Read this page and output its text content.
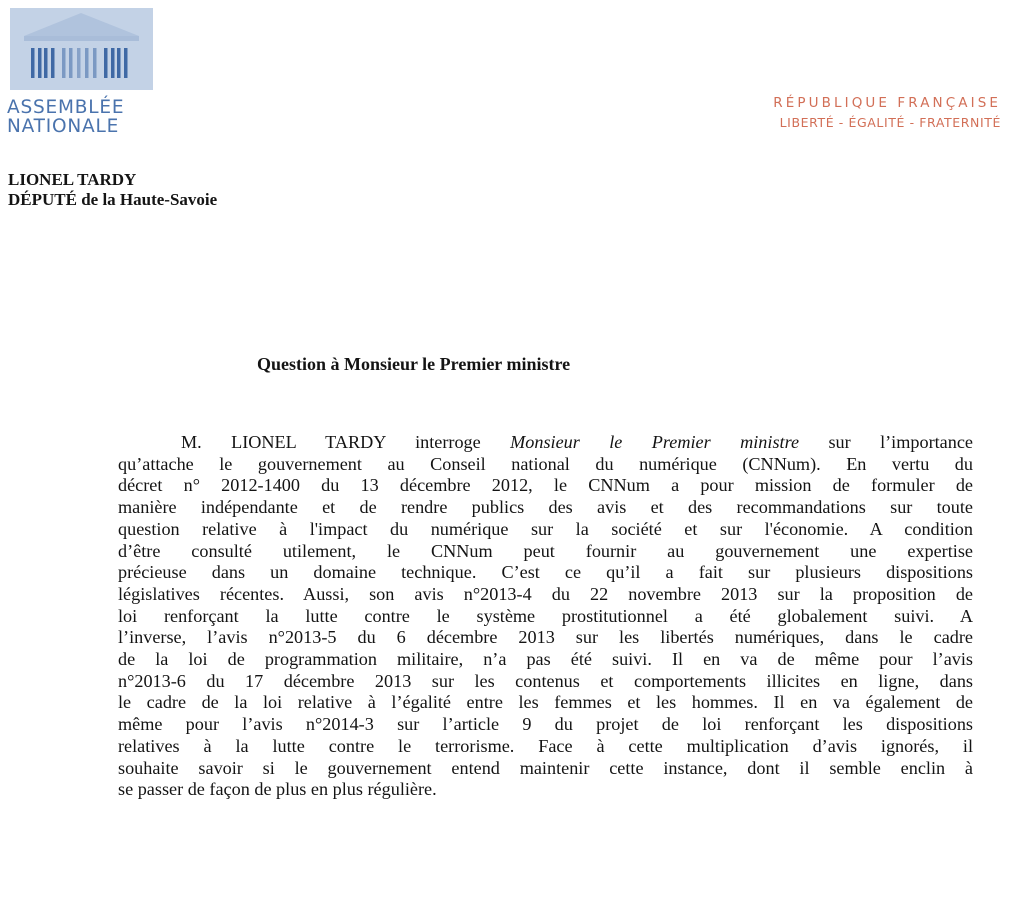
ASSEMBLÉE
NATIONALE
RÉPUBLIQUE FRANÇAISE
LIBERTÉ - ÉGALITÉ - FRATERNITÉ
LIONEL TARDY
DÉPUTÉ de la Haute-Savoie
Question à Monsieur le Premier ministre
M. LIONEL TARDY interroge Monsieur le Premier ministre sur l’importance
qu’attache le gouvernement au Conseil national du numérique (CNNum). En vertu du
décret n° 2012-1400 du 13 décembre 2012, le CNNum a pour mission de formuler de
manière indépendante et de rendre publics des avis et des recommandations sur toute
question relative à l'impact du numérique sur la société et sur l'économie. A condition
d’être consulté utilement, le CNNum peut fournir au gouvernement une expertise
précieuse dans un domaine technique. C’est ce qu’il a fait sur plusieurs dispositions
législatives récentes. Aussi, son avis n°2013-4 du 22 novembre 2013 sur la proposition de
loi renforçant la lutte contre le système prostitutionnel a été globalement suivi. A
l’inverse, l’avis n°2013-5 du 6 décembre 2013 sur les libertés numériques, dans le cadre
de la loi de programmation militaire, n’a pas été suivi. Il en va de même pour l’avis
n°2013-6 du 17 décembre 2013 sur les contenus et comportements illicites en ligne, dans
le cadre de la loi relative à l’égalité entre les femmes et les hommes. Il en va également de
même pour l’avis n°2014-3 sur l’article 9 du projet de loi renforçant les dispositions
relatives à la lutte contre le terrorisme. Face à cette multiplication d’avis ignorés, il
souhaite savoir si le gouvernement entend maintenir cette instance, dont il semble enclin à
se passer de façon de plus en plus régulière.
